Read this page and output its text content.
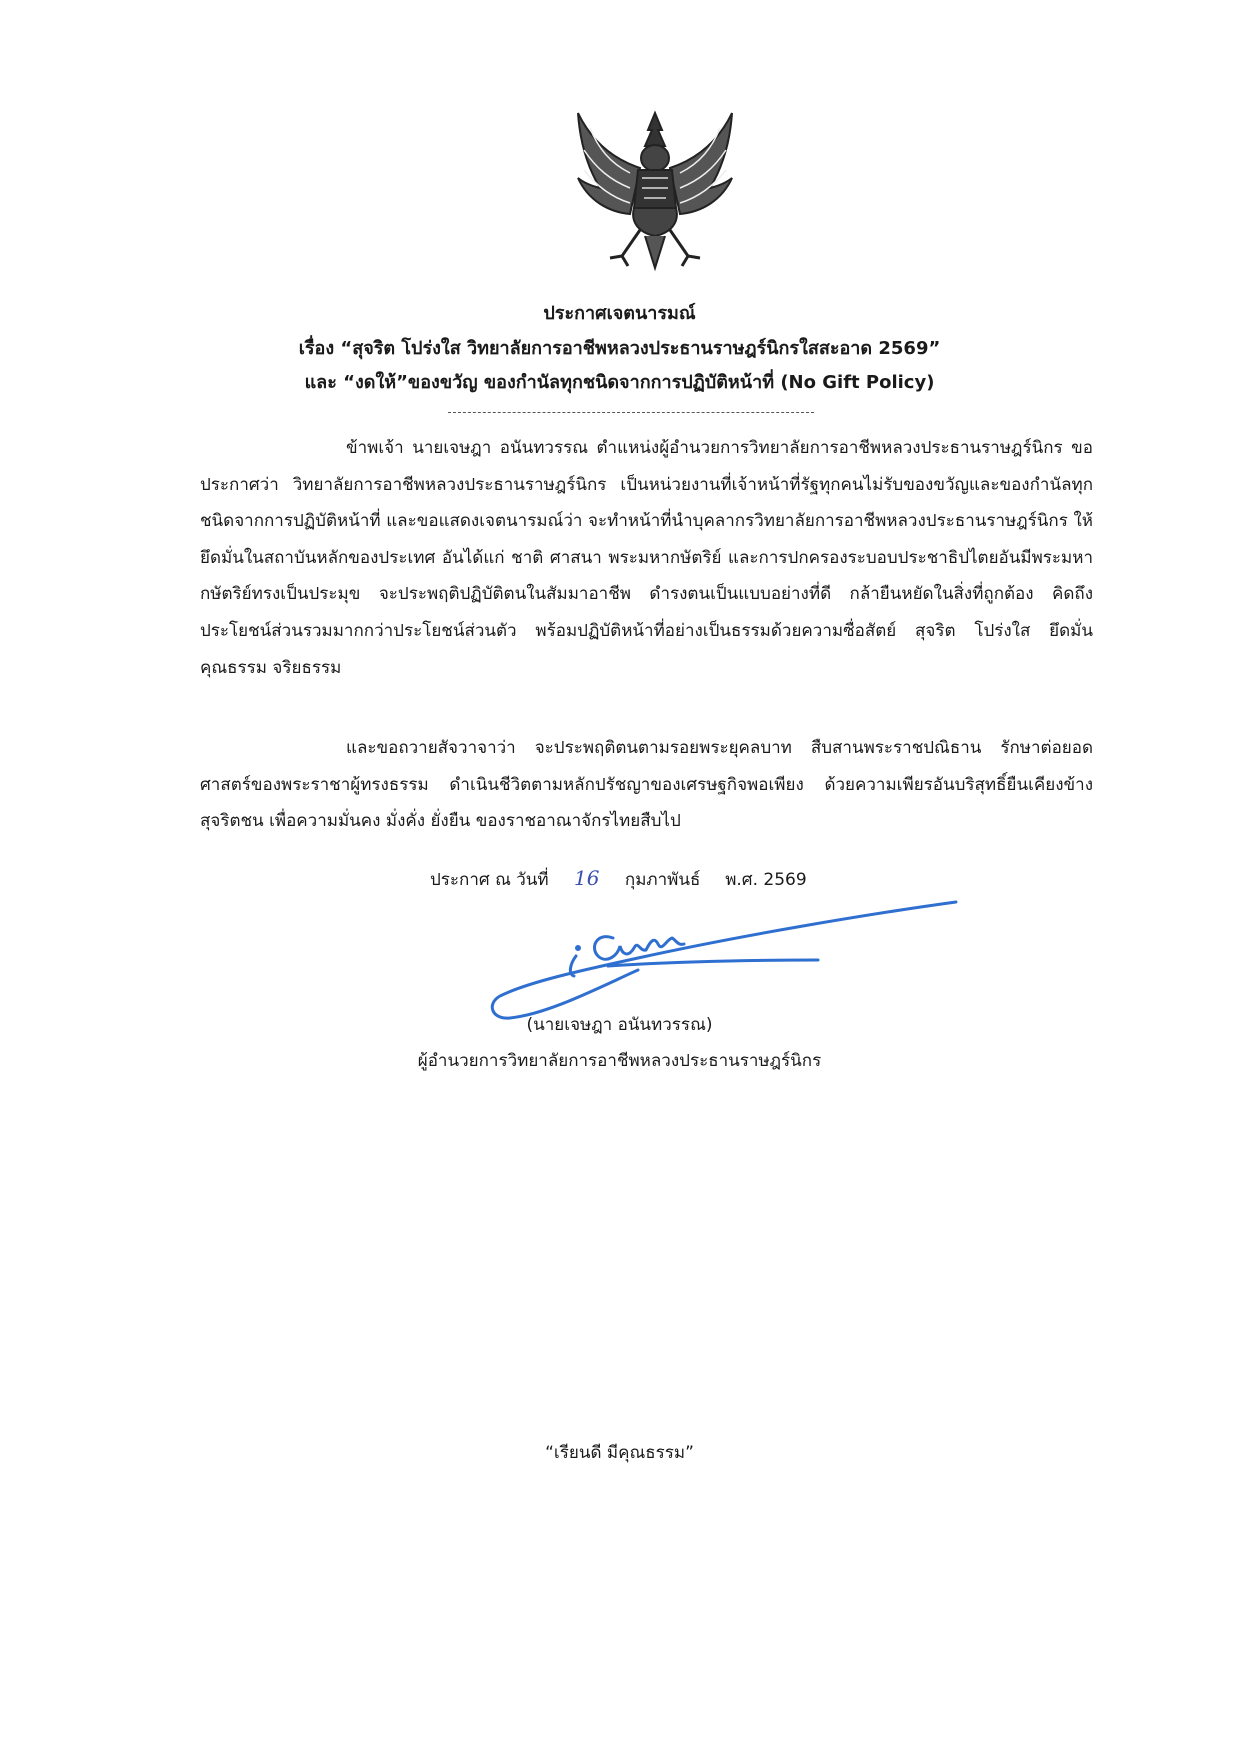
ประกาศเจตนารมณ์
เรื่อง “สุจริต โปร่งใส วิทยาลัยการอาชีพหลวงประธานราษฎร์นิกรใสสะอาด 2569”
และ “งดให้”ของขวัญ ของกำนัลทุกชนิดจากการปฏิบัติหน้าที่ (No Gift Policy)
ข้าพเจ้า นายเจษฎา อนันทวรรณ ตำแหน่งผู้อำนวยการวิทยาลัยการอาชีพหลวงประธานราษฎร์นิกร ขอประกาศว่า วิทยาลัยการอาชีพหลวงประธานราษฎร์นิกร เป็นหน่วยงานที่เจ้าหน้าที่รัฐทุกคนไม่รับของขวัญและของกำนัลทุกชนิดจากการปฏิบัติหน้าที่ และขอแสดงเจตนารมณ์ว่า จะทำหน้าที่นำบุคลากรวิทยาลัยการอาชีพหลวงประธานราษฎร์นิกร ให้ยึดมั่นในสถาบันหลักของประเทศ อันได้แก่ ชาติ ศาสนา พระมหากษัตริย์ และการปกครองระบอบประชาธิปไตยอันมีพระมหากษัตริย์ทรงเป็นประมุข จะประพฤติปฏิบัติตนในสัมมาอาชีพ ดำรงตนเป็นแบบอย่างที่ดี กล้ายืนหยัดในสิ่งที่ถูกต้อง คิดถึงประโยชน์ส่วนรวมมากกว่าประโยชน์ส่วนตัว พร้อมปฏิบัติหน้าที่อย่างเป็นธรรมด้วยความซื่อสัตย์ สุจริต โปร่งใส ยึดมั่นคุณธรรม จริยธรรม
และขอถวายสัจวาจาว่า จะประพฤติตนตามรอยพระยุคลบาท สืบสานพระราชปณิธาน รักษาต่อยอดศาสตร์ของพระราชาผู้ทรงธรรม ดำเนินชีวิตตามหลักปรัชญาของเศรษฐกิจพอเพียง ด้วยความเพียรอันบริสุทธิ์ยืนเคียงข้างสุจริตชน เพื่อความมั่นคง มั่งคั่ง ยั่งยืน ของราชอาณาจักรไทยสืบไป
ประกาศ ณ วันที่ 16 กุมภาพันธ์ พ.ศ. 2569
(นายเจษฎา อนันทวรรณ)
ผู้อำนวยการวิทยาลัยการอาชีพหลวงประธานราษฎร์นิกร
“เรียนดี มีคุณธรรม”
